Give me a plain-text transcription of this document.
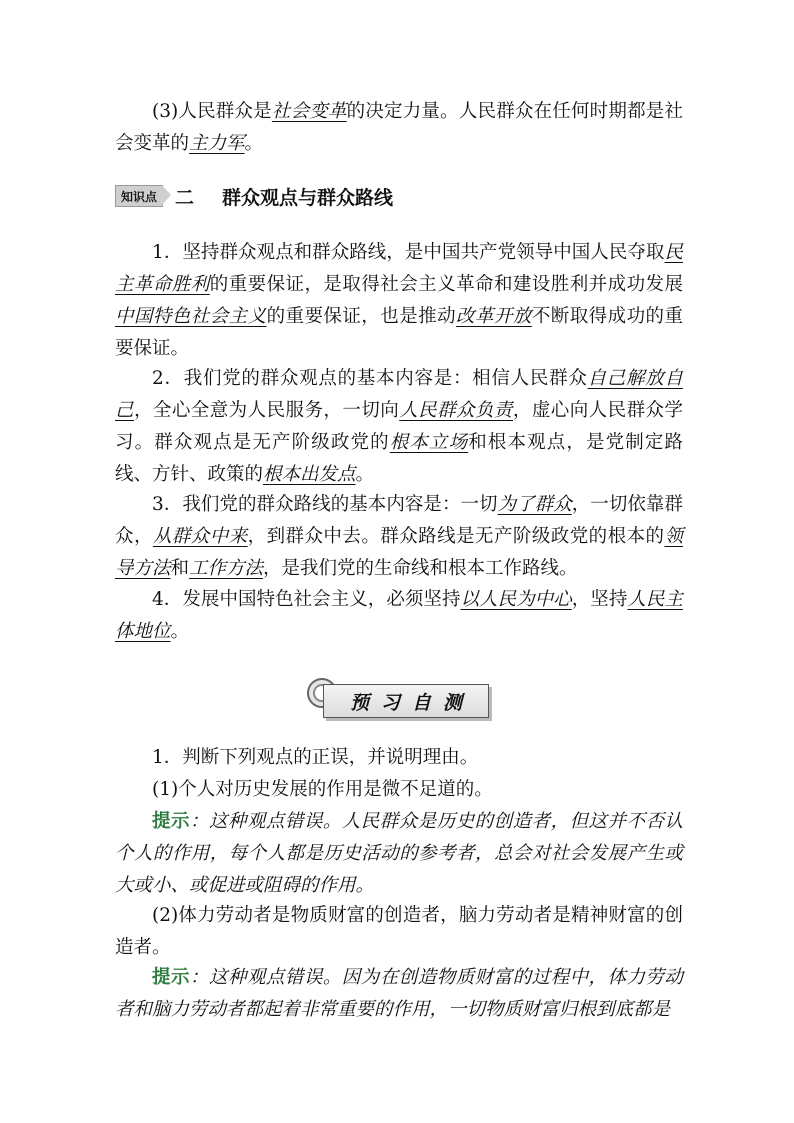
(3)人民群众是社会变革的决定力量。人民群众在任何时期都是社会变革的主力军。
知识点 二 群众观点与群众路线
1．坚持群众观点和群众路线，是中国共产党领导中国人民夺取民主革命胜利的重要保证，是取得社会主义革命和建设胜利并成功发展中国特色社会主义的重要保证，也是推动改革开放不断取得成功的重要保证。
2．我们党的群众观点的基本内容是：相信人民群众自己解放自己，全心全意为人民服务，一切向人民群众负责，虚心向人民群众学习。群众观点是无产阶级政党的根本立场和根本观点，是党制定路线、方针、政策的根本出发点。
3．我们党的群众路线的基本内容是：一切为了群众，一切依靠群众，从群众中来，到群众中去。群众路线是无产阶级政党的根本的领导方法和工作方法，是我们党的生命线和根本工作路线。
4．发展中国特色社会主义，必须坚持以人民为中心，坚持人民主体地位。
预习自测
1．判断下列观点的正误，并说明理由。
(1)个人对历史发展的作用是微不足道的。
提示：这种观点错误。人民群众是历史的创造者，但这并不否认个人的作用，每个人都是历史活动的参考者，总会对社会发展产生或大或小、或促进或阻碍的作用。
(2)体力劳动者是物质财富的创造者，脑力劳动者是精神财富的创造者。
提示：这种观点错误。因为在创造物质财富的过程中，体力劳动者和脑力劳动者都起着非常重要的作用，一切物质财富归根到底都是
